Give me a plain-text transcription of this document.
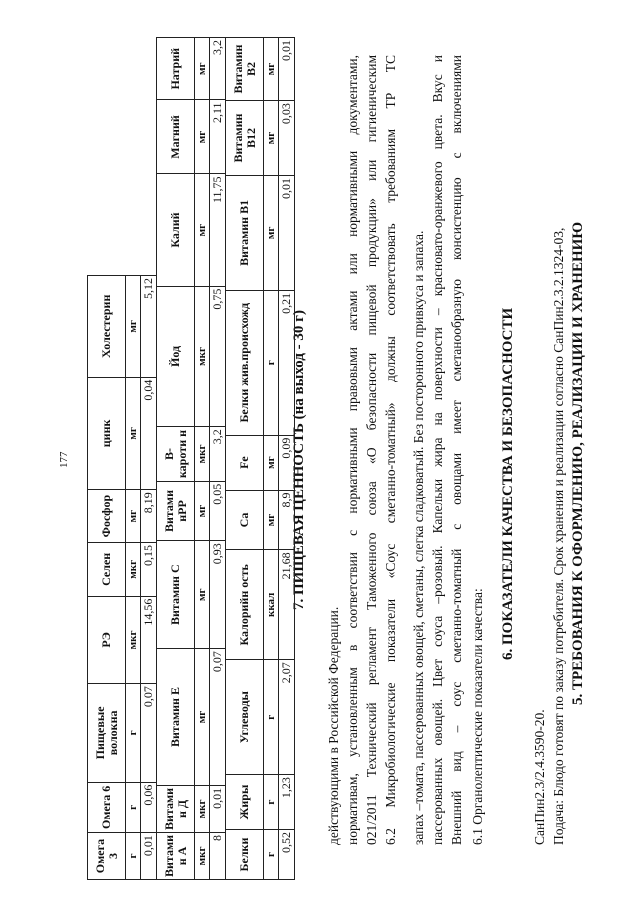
5. ТРЕБОВАНИЯ К ОФОРМЛЕНИЮ, РЕАЛИЗАЦИИ И ХРАНЕНИЮ
Подача: Блюдо готовят по заказу потребителя. Срок хранения и реализации согласно СанПин2.3.2.1324-03,
СанПин2.3/2.4.3590-20.
6. ПОКАЗАТЕЛИ КАЧЕСТВА И БЕЗОПАСНОСТИ
6.1 Органолептические показатели качества:
Внешний вид – соус сметанно-томатный с овощами имеет сметанообразную консистенцию с включениями
пассерованных овощей. Цвет соуса –розовый. Капельки жира на поверхности – красновато-оранжевого цвета. Вкус и
запах –томата, пассерованных овощей, сметаны, слегка сладковатый. Без посторонного привкуса и запаха.
6.2 Микробиологические показатели «Соус сметанно-томатный» должны соответствовать требованиям ТР ТС
021/2011 Технический регламент Таможенного союза «О безопасности пищевой продукции» или гигиеническим
нормативам, установленным в соответствии с нормативными правовыми актами или нормативными документами,
действующими в Российской Федерации.
7. ПИЩЕВАЯ ЦЕННОСТЬ (на выход - 30 г)
Белки	Жиры	Углеводы	Калорийн ость	Ca	Fe	Белки жив.происхожд	Витамин В1	Витамин B12	Витамин B2
г	г	г	ккал	мг	мг	г	мг	мг	мг
0,52	1,23	2,07	21,68	8,9	0,09	0,21	0,01	0,03	0,01
Витами н А	Витами н Д	Витамин Е	Витамин С	Витами нPP	В-карoти н	Йод	Калий	Магний	Натрий
мкг	мкг	мг	мг	мг	мкг	мкг	мг	мг	мг
8	0,01	0,07	0,93	0,05	3,2	0,75	11,75	2,11	3,2
Омега 3	Омега 6	Пищевые волокна	РЭ	Селен	Фосфор	цинк	Холестерин
г	г	г	мкг	мкг	мг	мг	мг
0,01	0,06	0,07	14,56	0,15	8,19	0,04	5,12
177
